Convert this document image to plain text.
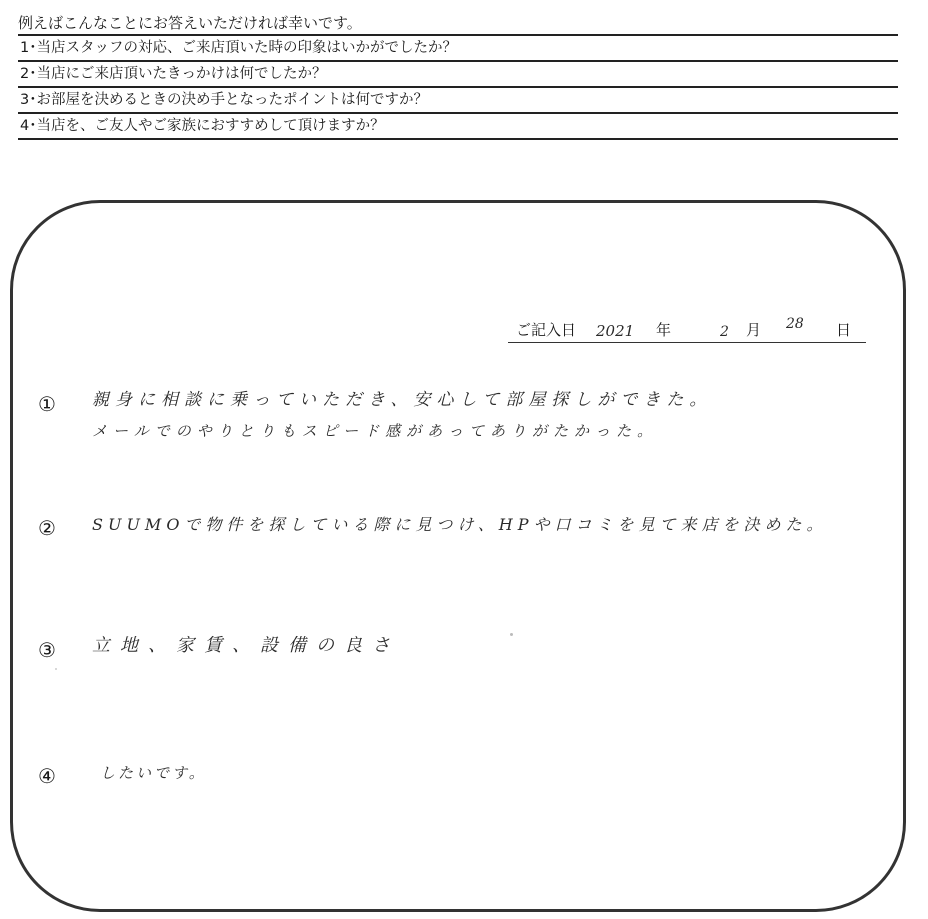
例えばこんなことにお答えいただければ幸いです。
1･当店スタッフの対応、ご来店頂いた時の印象はいかがでしたか？
2･当店にご来店頂いたきっかけは何でしたか？
3･お部屋を決めるときの決め手となったポイントは何ですか？
4･当店を、ご友人やご家族におすすめして頂けますか？
ご記入日 2021 年	2 月 28 日
① 親身に相談に乗っていただき、安心して部屋探しができた。
メールでのやりとりもスピード感があってありがたかった。
② SUUMOで物件を探している際に見つけ、HPや口コミを見て来店を決めた。
③ 立地、家賃、設備の良さ
④	したいです。
